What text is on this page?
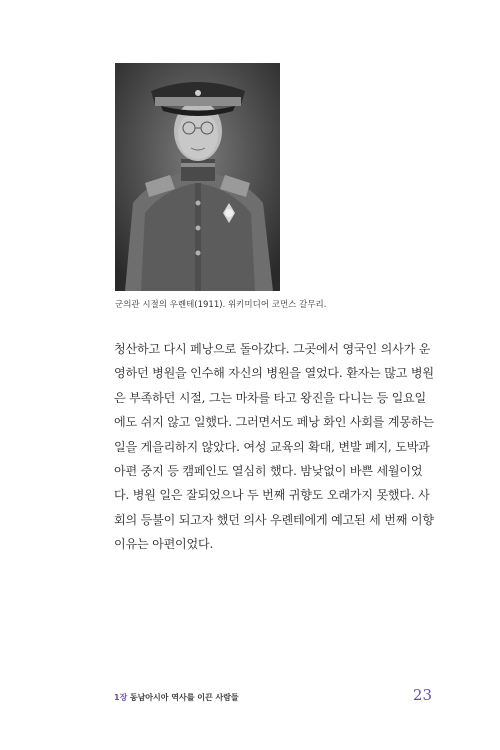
군의관 시절의 우롄테(1911). 위키미디어 코먼스 갈무리.
청산하고 다시 페낭으로 돌아갔다. 그곳에서 영국인 의사가 운
영하던 병원을 인수해 자신의 병원을 열었다. 환자는 많고 병원
은 부족하던 시절, 그는 마차를 타고 왕진을 다니는 등 일요일
에도 쉬지 않고 일했다. 그러면서도 페낭 화인 사회를 계몽하는
일을 게을리하지 않았다. 여성 교육의 확대, 변발 폐지, 도박과
아편 중지 등 캠페인도 열심히 했다. 밤낮없이 바쁜 세월이었
다. 병원 일은 잘되었으나 두 번째 귀향도 오래가지 못했다. 사
회의 등불이 되고자 했던 의사 우롄테에게 예고된 세 번째 이향
이유는 아편이었다.
1장 동남아시아 역사를 이끈 사람들	23
